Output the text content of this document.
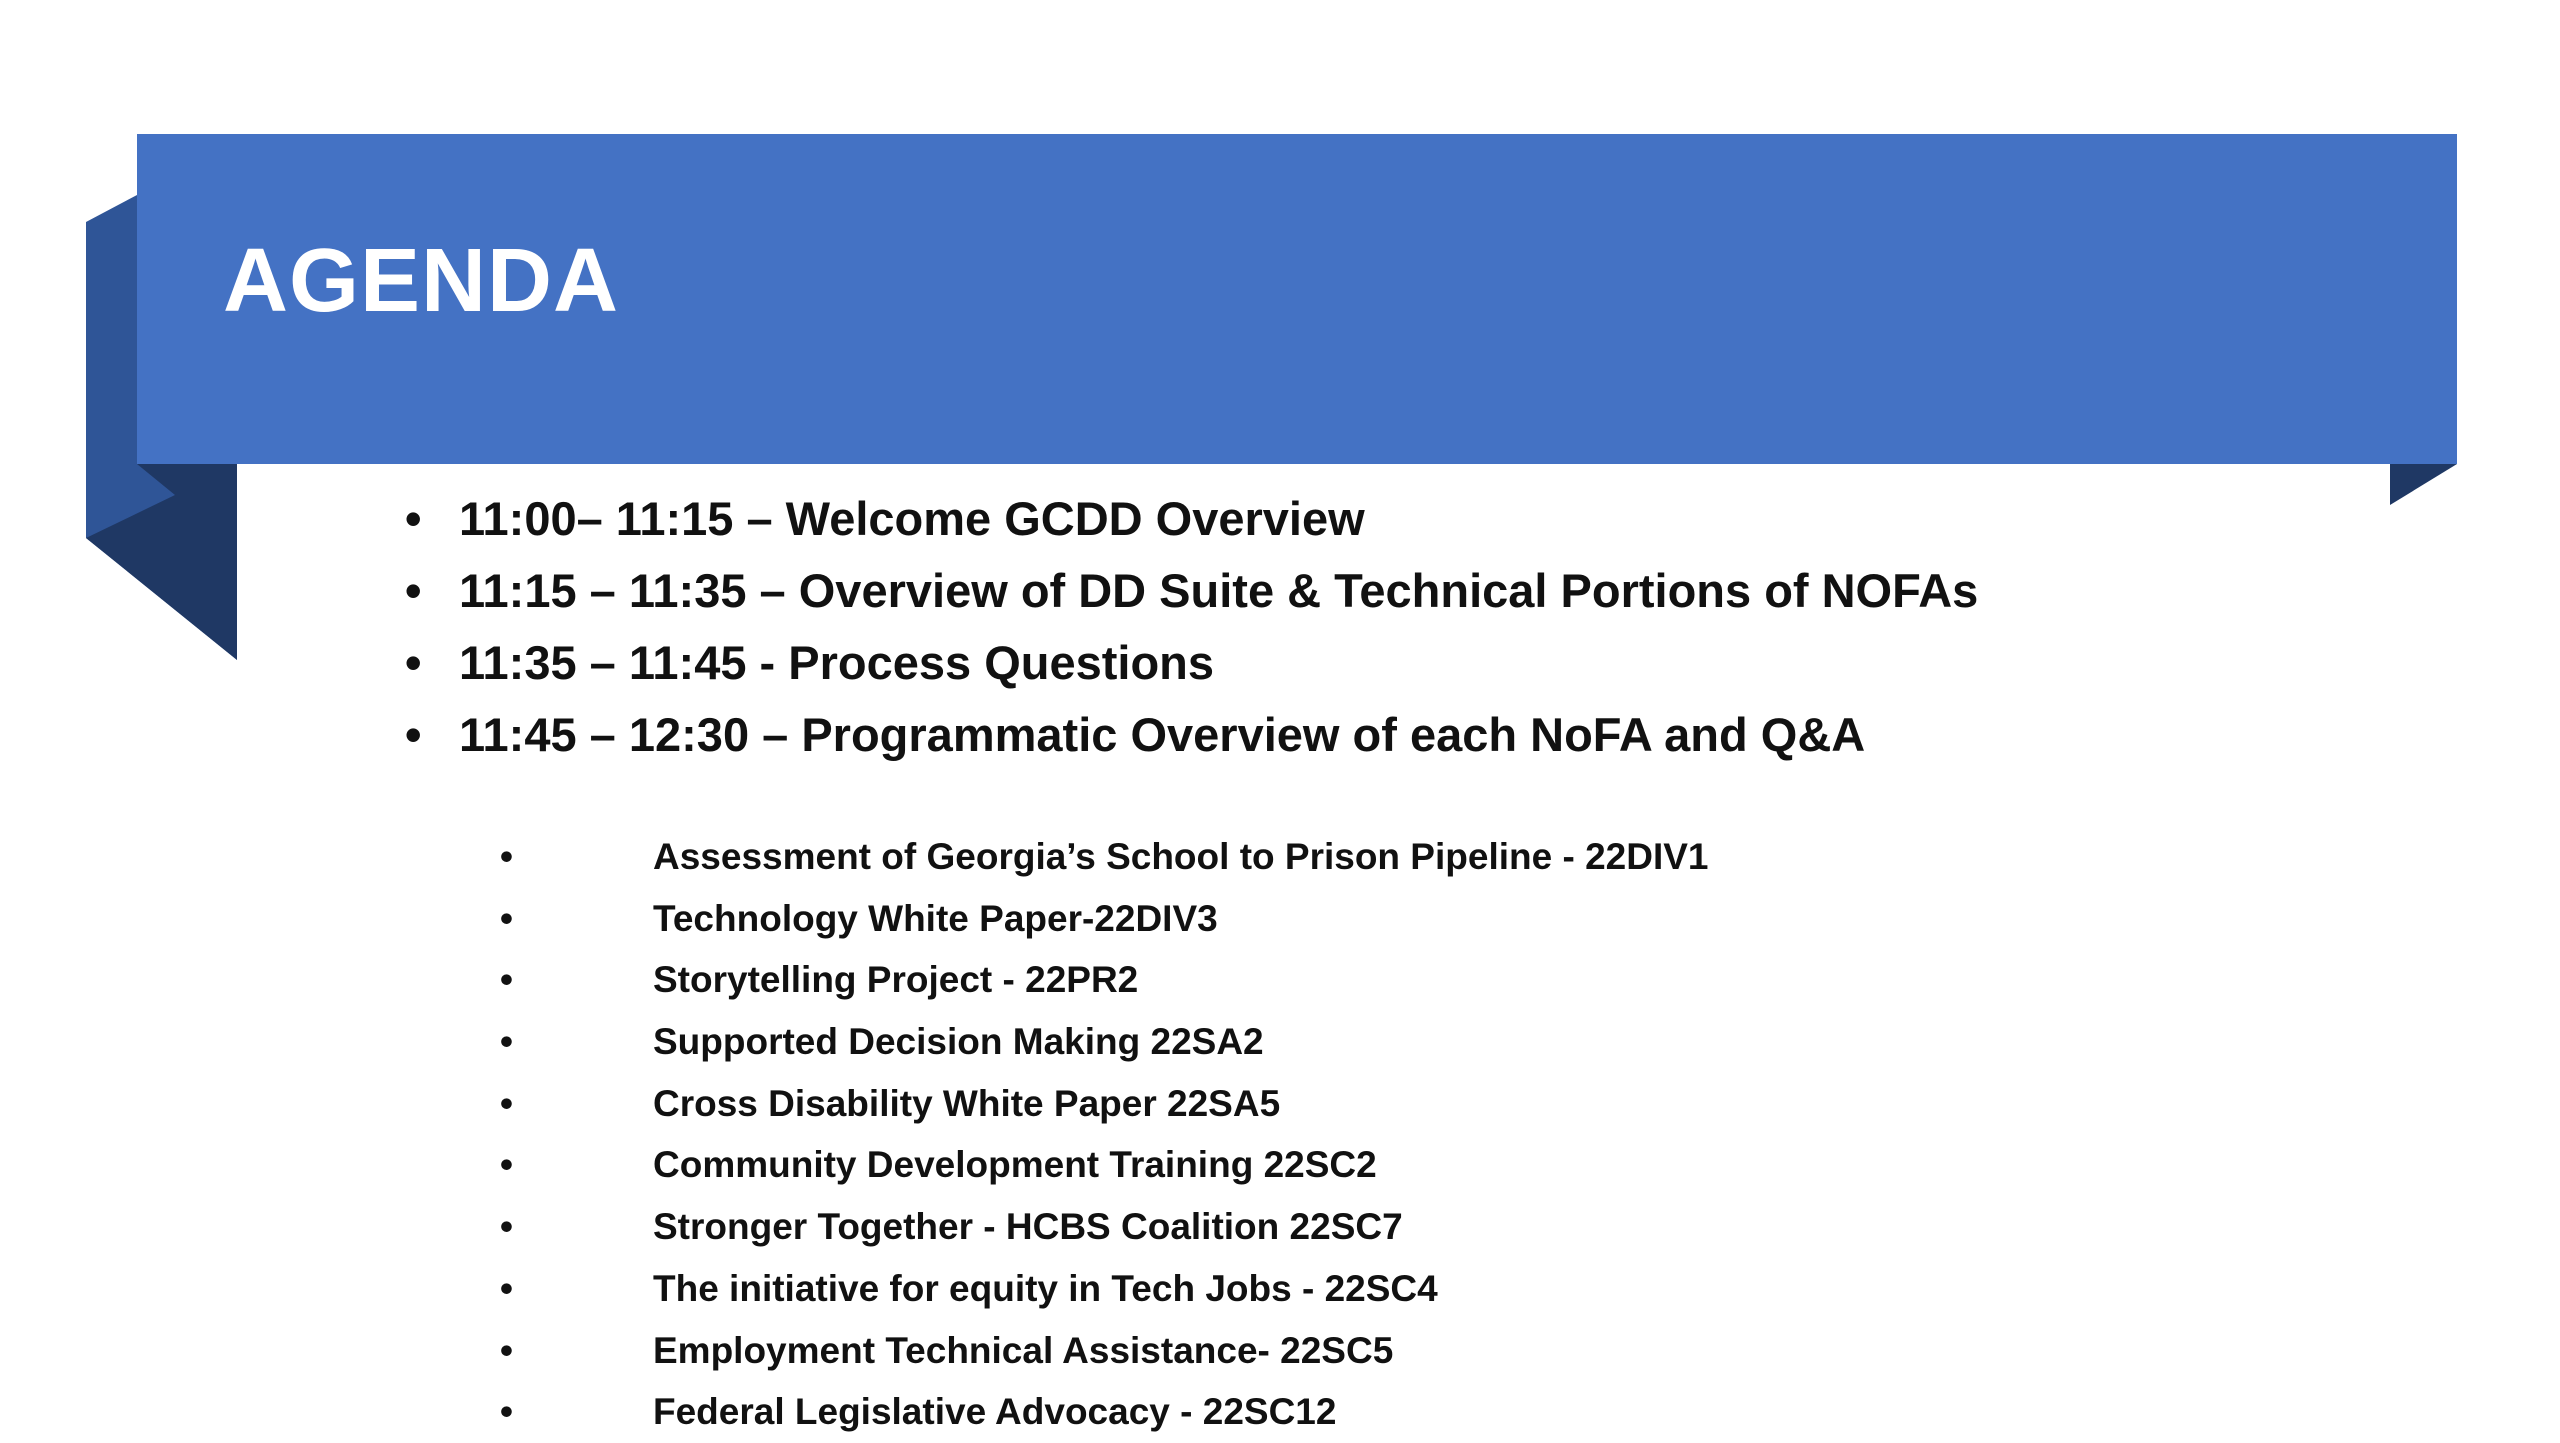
AGENDA
• 11:00– 11:15 – Welcome GCDD Overview
• 11:15 – 11:35 – Overview of DD Suite & Technical Portions of NOFAs
• 11:35 – 11:45 - Process Questions
• 11:45 – 12:30 – Programmatic Overview of each NoFA and Q&A
•	Assessment of Georgia’s School to Prison Pipeline - 22DIV1
•	Technology White Paper-22DIV3
•	Storytelling Project - 22PR2
•	Supported Decision Making 22SA2
•	Cross Disability White Paper 22SA5
•	Community Development Training 22SC2
•	Stronger Together - HCBS Coalition 22SC7
•	The initiative for equity in Tech Jobs - 22SC4
•	Employment Technical Assistance- 22SC5
•	Federal Legislative Advocacy - 22SC12
